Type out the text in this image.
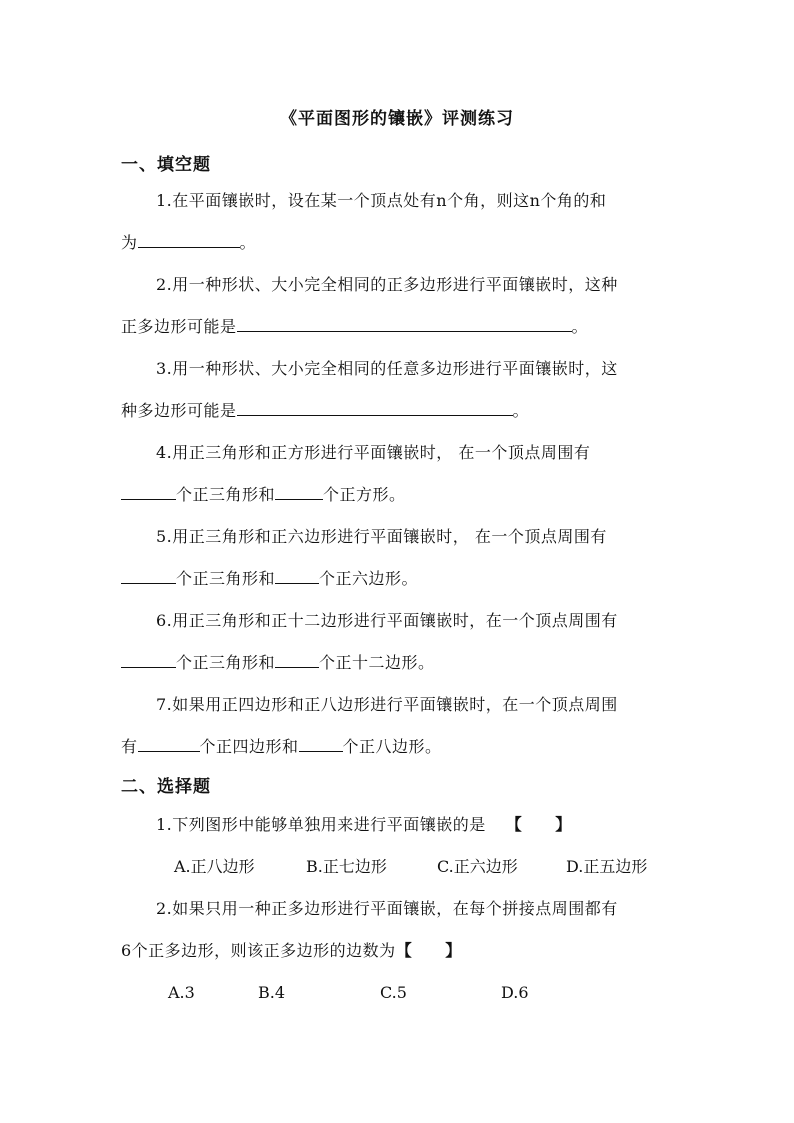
《平面图形的镶嵌》评测练习
一、填空题
1.在平面镶嵌时，设在某一个顶点处有n个角，则这n个角的和
为	。
2.用一种形状、大小完全相同的正多边形进行平面镶嵌时，这种
正多边形可能是	。
3.用一种形状、大小完全相同的任意多边形进行平面镶嵌时，这
种多边形可能是	。
4.用正三角形和正方形进行平面镶嵌时， 在一个顶点周围有
个正三角形和	个正方形。
5.用正三角形和正六边形进行平面镶嵌时， 在一个顶点周围有
个正三角形和	个正六边形。
6.用正三角形和正十二边形进行平面镶嵌时，在一个顶点周围有
个正三角形和	个正十二边形。
7.如果用正四边形和正八边形进行平面镶嵌时，在一个顶点周围
有	个正四边形和	个正八边形。
二、选择题
1.下列图形中能够单独用来进行平面镶嵌的是 【　　】
A.正八边形	B.正七边形	C.正六边形	D.正五边形
2.如果只用一种正多边形进行平面镶嵌，在每个拼接点周围都有
6个正多边形，则该正多边形的边数为【　　】
A.3	B.4	C.5	D.6
